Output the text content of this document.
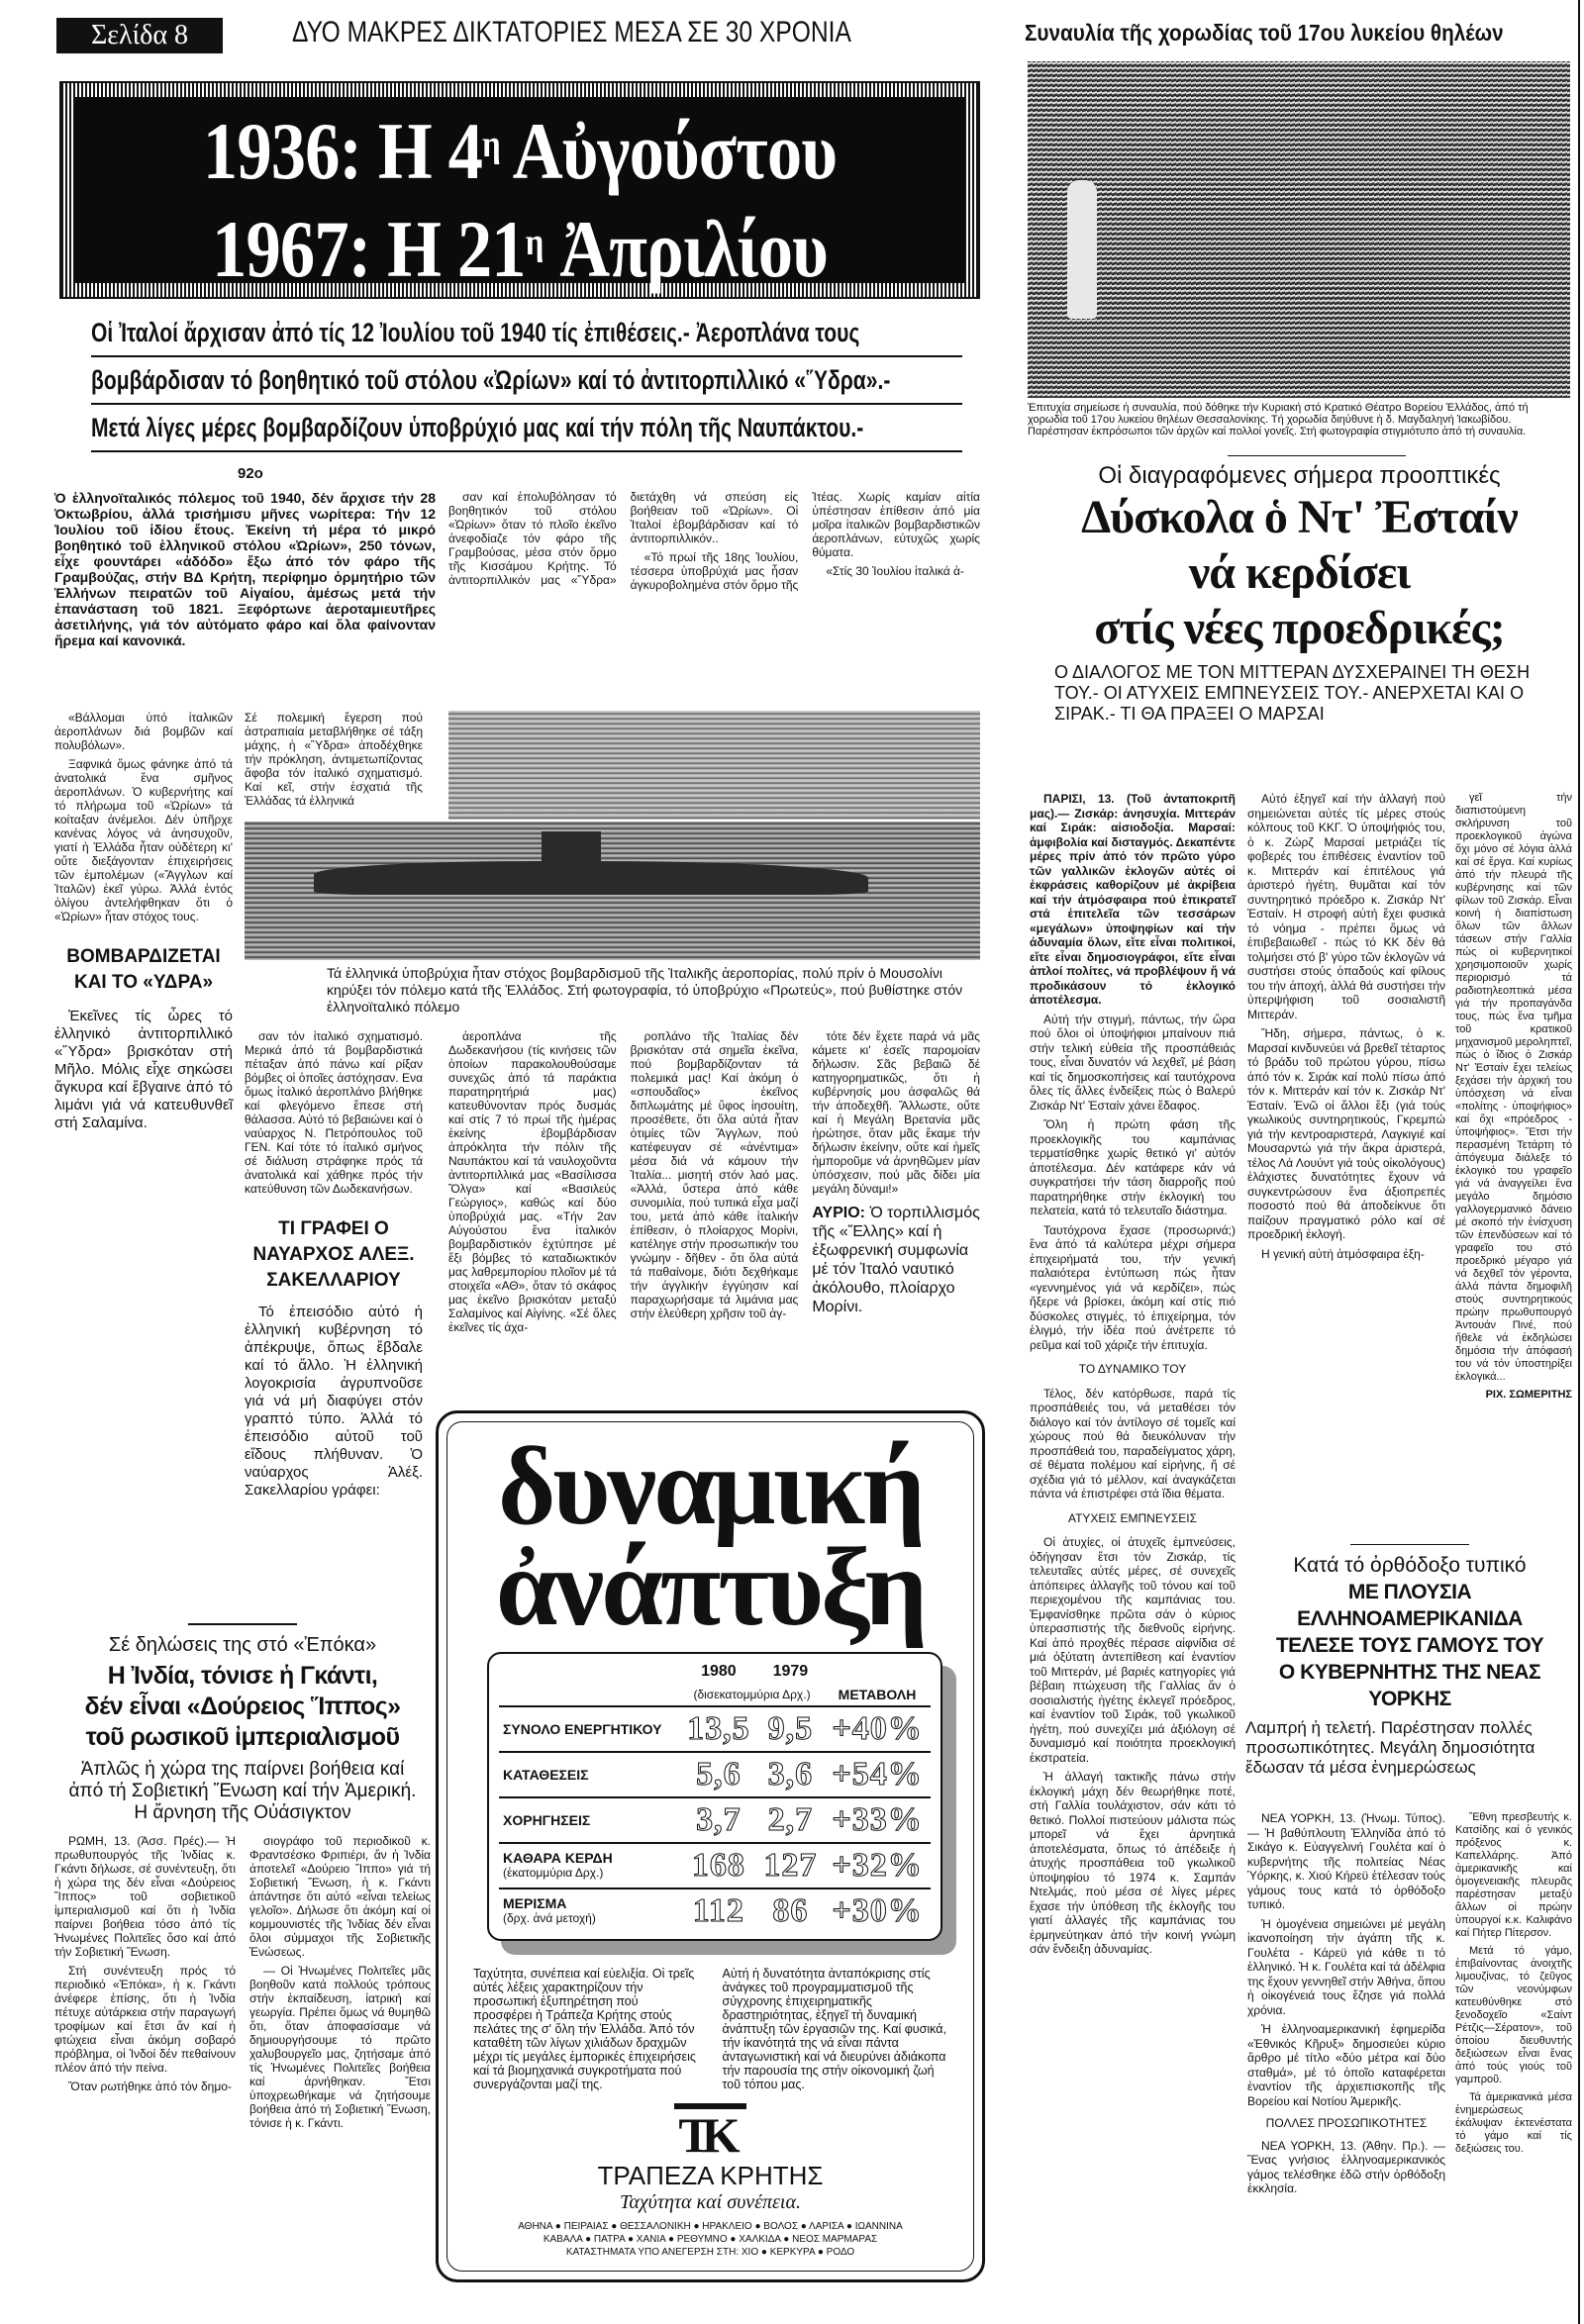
Σελίδα 8	ΔΥΟ ΜΑΚΡΕΣ ΔΙΚΤΑΤΟΡΙΕΣ ΜΕΣΑ ΣΕ 30 ΧΡΟΝΙΑ
1936: Η $4^\eta$ Αὐγούστου
1967: Η $21^\eta$ Ἀπριλίου
Οἱ Ἰταλοί ἄρχισαν ἀπό τίς 12 Ἰουλίου τοῦ 1940 τίς ἐπιθέσεις.- Ἀεροπλάνα τους
βομβάρδισαν τό βοηθητικό τοῦ στόλου «Ὠρίων» καί τό ἀντιτορπιλλικό «Ὕδρα».-
Μετά λίγες μέρες βομβαρδίζουν ὑποβρύχιό μας καί τήν πόλη τῆς Ναυπάκτου.-
92ο
Ὁ ἑλληνοϊταλικός πόλεμος τοῦ 1940, δέν ἄρχισε τήν 28 Ὀκτωβρίου, ἀλλά τρισήμισυ μῆνες νωρίτερα: Τήν 12 Ἰουλίου τοῦ ἰδίου ἔτους. Ἐκείνη τή μέρα τό μικρό βοηθητικό τοῦ ἑλληνικοῦ στόλου «Ὠρίων», 250 τόνων, εἶχε φουντάρει «ἀδόδο» ἔξω ἀπό τόν φάρο τῆς Γραμβούζας, στήν ΒΔ Κρήτη, περίφημο ὁρμητήριο τῶν Ἑλλήνων πειρατῶν τοῦ Αἰγαίου, ἀμέσως μετά τήν ἐπανάσταση τοῦ 1821. Ξεφόρτωνε ἀεροταμιευτῆρες ἀσετιλήνης, γιά τόν αὐτόματο φάρο καί ὅλα φαίνονταν ἤρεμα καί κανονικά.

«Βάλλομαι ὑπό ἰταλικῶν ἀεροπλάνων διά βομβῶν καί πολυβόλων».

Ξαφνικά ὅμως φάνηκε ἀπό τά ἀνατολικά ἕνα σμῆνος ἀεροπλάνων. Ὁ κυβερνήτης καί τό πλήρωμα τοῦ «Ὠρίων» τά κοίταξαν ἀνέμελοι. Δέν ὑπῆρχε κανένας λόγος νά ἀνησυχοῦν, γιατί ἡ Ἑλλάδα ἦταν οὐδέτερη κι' οὔτε διεξάγονταν ἐπιχειρήσεις τῶν ἐμπολέμων («Ἄγγλων καί Ἰταλῶν) ἐκεῖ γύρω. Ἀλλά ἐντός ὀλίγου ἀντελήφθηκαν ὅτι ὁ «Ὠρίων» ἦταν στόχος τους.

ΒΟΜΒΑΡΔΙΖΕΤΑΙ ΚΑΙ ΤΟ «ΥΔΡΑ»

Ἐκεῖνες τίς ὧρες τό ἑλληνικό ἀντιτορπιλλικό «Ὕδρα» βρισκόταν στή Μῆλο. Μόλις εἶχε σηκώσει ἄγκυρα καί ἔβγαινε ἀπό τό λιμάνι γιά νά κατευθυνθεῖ στή Σαλαμίνα.

Σέ πολεμική ἔγερση πού ἀστραπιαία μεταβλήθηκε σέ τάξη μάχης, ἡ «Ὕδρα» ἀποδέχθηκε τήν πρόκληση, ἀντιμετωπίζοντας ἄφοβα τόν ἰταλικό σχηματισμό. Καί κεῖ, στήν ἐσχατιά τῆς Ἑλλάδας τά ἑλληνικά

σαν καί ἐπολυβόλησαν τό βοηθητικόν τοῦ στόλου «Ὠρίων» ὅταν τό πλοῖο ἐκεῖνο ἀνεφοδίαζε τόν φάρο τῆς Γραμβούσας, μέσα στόν ὅρμο τῆς Κισσάμου Κρήτης. Τό ἀντιτορπιλλικόν μας «Ὕδρα» διετάχθη νά σπεύση εἰς βοήθειαν τοῦ «Ὠρίων». Οἱ Ἰταλοί ἐβομβάρδισαν καί τό ἀντιτορπιλλικόν..

«Τό πρωί τῆς 18ης Ἰουλίου, τέσσερα ὑποβρύχιά μας ἦσαν ἀγκυροβολημένα στόν ὅρμο τῆς Ἰτέας. Χωρίς καμίαν αἰτία ὑπέστησαν ἐπίθεσιν ἀπό μία μοῖρα ἰταλικῶν βομβαρδιστικῶν ἀεροπλάνων, εὐτυχῶς χωρίς θύματα.

«Στίς 30 Ἰουλίου ἰταλικά ἀ-

Τά ἑλληνικά ὑποβρύχια ἦταν στόχος βομβαρδισμοῦ τῆς Ἰταλικῆς ἀεροπορίας, πολύ πρίν ὁ Μουσολίνι κηρύξει τόν πόλεμο κατά τῆς Ἑλλάδος. Στή φωτογραφία, τό ὑποβρύχιο «Πρωτεύς», πού βυθίστηκε στόν ἑλληνοϊταλικό πόλεμο

σαν τόν ἰταλικό σχηματισμό. Μερικά ἀπό τά βομβαρδιστικά πέταξαν ἀπό πάνω καί ρίξαν βόμβες οἱ ὁποῖες ἀστόχησαν. Ενα ὅμως ἰταλικό ἀεροπλάνο βλήθηκε καί φλεγόμενο ἔπεσε στή θάλασσα. Αὐτό τό βεβαιώνει καί ὁ ναύαρχος Ν. Πετρόπουλος τοῦ ΓΕΝ. Καί τότε τό ἰταλικό σμήνος σέ διάλυση στράφηκε πρός τά ἀνατολικά καί χάθηκε πρός τήν κατεύθυνση τῶν Δωδεκανήσων.

ΤΙ ΓΡΑΦΕΙ Ο ΝΑΥΑΡΧΟΣ ΑΛΕΞ. ΣΑΚΕΛΛΑΡΙΟΥ

Τό ἐπεισόδιο αὐτό ἡ ἑλληνική κυβέρνηση τό ἀπέκρυψε, ὅπως ἔβδαλε καί τό ἄλλο. Ἡ ἑλληνική λογοκρισία ἀγρυπνοῦσε γιά νά μή διαφύγει στόν γραπτό τύπο. Ἀλλά τό ἐπεισόδιο αὐτοῦ τοῦ εἴδους πλήθυναν. Ὁ ναύαρχος Ἀλέξ. Σακελλαρίου γράφει:

ἀεροπλάνα τῆς Δωδεκανήσου (τίς κινήσεις τῶν ὁποίων παρακολουθούσαμε συνεχῶς ἀπό τά παράκτια παρατηρητήριά μας) κατευθύνονταν πρός δυσμάς καί στίς 7 τό πρωί τῆς ἡμέρας ἐκείνης ἐβομβάρδισαν ἀπρόκλητα τήν πόλιν τῆς Ναυπάκτου καί τά ναυλοχοῦντα ἀντιτορπιλλικά μας «Βασίλισσα Ὄλγα» καί «Βασιλεύς Γεώργιος», καθώς καί δύο ὑποβρύχιά μας. «Τήν 2αν Αὐγούστου ἕνα ἰταλικόν βομβαρδιστικόν ἐχτύπησε μέ ἕξι βόμβες τό καταδιωκτικόν μας λαθρεμπορίου πλοῖον μέ τά στοιχεῖα «ΑΘ», ὅταν τό σκάφος μας ἐκεῖνο βρισκόταν μεταξύ Σαλαμίνος καί Αἰγίνης. «Σέ ὅλες ἐκεῖνες τίς ἀχα-

ροπλάνο τῆς Ἰταλίας δέν βρισκόταν στά σημεῖα ἐκεῖνα, πού βομβαρδίζονταν τά πολεμικά μας! Καί ἀκόμη ὁ «σπουδαῖος» ἐκεῖνος διπλωμάτης μέ ὕφος ἰησουίτη, προσέθετε, ὅτι ὅλα αὐτά ἦταν ὀτιμίες τῶν Ἄγγλων, πού κατέφευγαν σέ «ἀνέντιμα» μέσα διά νά κάμουν τήν Ἰταλία... μισητή στόν λαό μας. «Ἀλλά, ὕστερα ἀπό κάθε συνομιλία, πού τυπικά εἶχα μαζί του, μετά ἀπό κάθε ἰταλικήν ἐπίθεσιν, ὁ πλοίαρχος Μορίνι, κατέληγε στήν προσωπικήν του γνώμην - δῆθεν - ὅτι ὅλα αὐτά τά παθαίνομε, διότι δεχθήκαμε τήν ἀγγλικήν ἐγγύησιν καί παραχωρήσαμε τά λιμάνια μας στήν ἐλεύθερη χρῆσιν τοῦ ἀγ-

τότε δέν ἔχετε παρά νά μᾶς κάμετε κι' ἐσεῖς παρομοίαν δήλωσιν. Σᾶς βεβαιῶ δέ κατηγορηματικῶς, ὅτι ἡ κυβέρνησίς μου ἀσφαλῶς θά τήν ἀποδεχθῆ. Ἄλλωστε, οὔτε καί ἡ Μεγάλη Βρετανία μᾶς ἠρώτησε, ὅταν μᾶς ἔκαμε τήν δήλωσιν ἐκείνην, οὔτε καί ἡμεῖς ἠμποροῦμε νά ἀρνηθῶμεν μίαν ὑπόσχεσιν, πού μᾶς δίδει μία μεγάλη δύναμι!»

ΑΥΡΙΟ: Ὁ τορπιλλισμός τῆς «Ἔλλης» καί ἡ ἐξωφρενική συμφωνία μέ τόν Ἰταλό ναυτικό ἀκόλουθο, πλοίαρχο Μορίνι.
δυναμική
ἀνάπτυξη
	1980	1979	
	(δισεκατομμύρια Δρχ.)		ΜΕΤΑΒΟΛΗ
ΣΥΝΟΛΟ ΕΝΕΡΓΗΤΙΚΟΥ	13,5	9,5	+40%
ΚΑΤΑΘΕΣΕΙΣ	5,6	3,6	+54%
ΧΟΡΗΓΗΣΕΙΣ	3,7	2,7	+33%

ΚΑΘΑΡΑ ΚΕΡΔΗ
(ἑκατομμύρια Δρχ.)	168	127	+32%

ΜΕΡΙΣΜΑ
(δρχ. ἀνά μετοχή)	112	86	+30%
Ταχύτητα, συνέπεια καί εὐελιξία. Οἱ τρεῖς αὐτές λέξεις χαρακτηρίζουν τήν προσωπική ἐξυπηρέτηση πού προσφέρει ἡ Τράπεζα Κρήτης στούς πελάτες της σ' ὅλη τήν Ἑλλάδα. Ἀπό τόν καταθέτη τῶν λίγων χιλιάδων δραχμῶν μέχρι τίς μεγάλες ἐμπορικές ἐπιχειρήσεις καί τά βιομηχανικά συγκροτήματα πού συνεργάζονται μαζί της.
Αὐτή ἡ δυνατότητα ἀνταπόκρισης στίς ἀνάγκες τοῦ προγραμματισμοῦ τῆς σύγχρονης ἐπιχειρηματικῆς δραστηριότητας, ἐξηγεῖ τή δυναμική ἀνάπτυξη τῶν ἐργασιῶν της. Καί φυσικά, τήν ἱκανότητά της νά εἶναι πάντα ἀνταγωνιστική καί νά διευρύνει ἀδιάκοπα τήν παρουσία της στήν οἰκονομική ζωή τοῦ τόπου μας.
ΤΚ
ΤΡΑΠΕΖΑ ΚΡΗΤΗΣ
Ταχύτητα καί συνέπεια.
ΑΘΗΝΑ ● ΠΕΙΡΑΙΑΣ ● ΘΕΣΣΑΛΟΝΙΚΗ ● ΗΡΑΚΛΕΙΟ ● ΒΟΛΟΣ ● ΛΑΡΙΣΑ ● ΙΩΑΝΝΙΝΑ
ΚΑΒΑΛΑ ● ΠΑΤΡΑ ● ΧΑΝΙΑ ● ΡΕΘΥΜΝΟ ● ΧΑΛΚΙΔΑ ● ΝΕΟΣ ΜΑΡΜΑΡΑΣ
ΚΑΤΑΣΤΗΜΑΤΑ ΥΠΟ ΑΝΕΓΕΡΣΗ ΣΤΗ: ΧΙΟ ● ΚΕΡΚΥΡΑ ● ΡΟΔΟ
Σέ δηλώσεις της στό «Ἐπόκα»
Η Ἰνδία, τόνισε ἡ Γκάντι,
δέν εἶναι «Δούρειος Ἵππος»
τοῦ ρωσικοῦ ἰμπεριαλισμοῦ
Ἁπλῶς ἡ χώρα της παίρνει βοήθεια καί ἀπό τή Σοβιετική Ἕνωση καί τήν Ἀμερική. Η ἄρνηση τῆς Οὐάσιγκτον

ΡΩΜΗ, 13. (Ἀσσ. Πρές).— Ἡ πρωθυπουργός τῆς Ἰνδίας κ. Γκάντι δήλωσε, σέ συνέντευξη, ὅτι ἡ χώρα της δέν εἶναι «Δούρειος Ἵππος» τοῦ σοβιετικοῦ ἰμπεριαλισμοῦ καί ὅτι ἡ Ἰνδία παίρνει βοήθεια τόσο ἀπό τίς Ἡνωμένες Πολιτεῖες ὅσο καί ἀπό τήν Σοβιετική Ἕνωση.

Στή συνέντευξη πρός τό περιοδικό «Ἐπόκα», ἡ κ. Γκάντι ἀνέφερε ἐπίσης, ὅτι ἡ Ἰνδία πέτυχε αὐτάρκεια στήν παραγωγή τροφίμων καί ἔτσι ἄν καί ἡ φτώχεια εἶναι ἀκόμη σοβαρό πρόβλημα, οἱ Ἰνδοί δέν πεθαίνουν πλέον ἀπό τήν πείνα.

Ὅταν ρωτήθηκε ἀπό τόν δημο-

σιογράφο τοῦ περιοδικοῦ κ. Φραντσέσκο Φριπιέρι, ἄν ἡ Ἰνδία ἀποτελεῖ «Δούρειο Ἵππο» γιά τή Σοβιετική Ἕνωση, ἡ κ. Γκάντι ἀπάντησε ὅτι αὐτό «εἶναι τελείως γελοῖο». Δήλωσε ὅτι ἀκόμη καί οἱ κομμουνιστές τῆς Ἰνδίας δέν εἶναι ὅλοι σύμμαχοι τῆς Σοβιετικῆς Ἑνώσεως.

— Οἱ Ἡνωμένες Πολιτεῖες μᾶς βοηθοῦν κατά πολλούς τρόπους στήν ἐκπαίδευση, ἰατρική καί γεωργία. Πρέπει ὅμως νά θυμηθῶ ὅτι, ὅταν ἀποφασίσαμε νά δημιουργήσουμε τό πρῶτο χαλυβουργεῖο μας, ζητήσαμε ἀπό τίς Ἡνωμένες Πολιτεῖες βοήθεια καί ἀρνήθηκαν. Ἔτσι ὑποχρεωθήκαμε νά ζητήσουμε βοήθεια ἀπό τή Σοβιετική Ἕνωση, τόνισε ἡ κ. Γκάντι.

Συναυλία τῆς χορωδίας τοῦ 17ου λυκείου θηλέων
Ἐπιτυχία σημείωσε ἡ συναυλία, πού δόθηκε τήν Κυριακή στό Κρατικό Θέατρο Βορείου Ἑλλάδος, ἀπό τή χορωδία τοῦ 17ου λυκείου θηλέων Θεσσαλονίκης. Τή χορωδία διηύθυνε ἡ δ. Μαγδαληνή Ἰακωβίδου. Παρέστησαν ἐκπρόσωποι τῶν ἀρχῶν καί πολλοί γονεῖς. Στή φωτογραφία στιγμιότυπο ἀπό τή συναυλία.
Οἱ διαγραφόμενες σήμερα προοπτικές
Δύσκολα ὁ Ντ' Ἐσταίν
νά κερδίσει
στίς νέες προεδρικές;
Ο ΔΙΑΛΟΓΟΣ ΜΕ ΤΟΝ ΜΙΤΤΕΡΑΝ ΔΥΣΧΕΡΑΙΝΕΙ ΤΗ ΘΕΣΗ ΤΟΥ.- ΟΙ ΑΤΥΧΕΙΣ ΕΜΠΝΕΥΣΕΙΣ ΤΟΥ.- ΑΝΕΡΧΕΤΑΙ ΚΑΙ Ο ΣΙΡΑΚ.- ΤΙ ΘΑ ΠΡΑΞΕΙ Ο ΜΑΡΣΑΙ

ΠΑΡΙΣΙ, 13. (Τοῦ ἀνταποκριτῆ μας).— Ζισκάρ: ἀνησυχία. Μιττεράν καί Σιράκ: αἰσιοδοξία. Μαρσαί: ἀμφιβολία καί δισταγμός. Δεκαπέντε μέρες πρίν ἀπό τόν πρῶτο γύρο τῶν γαλλικῶν ἐκλογῶν αὐτές οἱ ἐκφράσεις καθορίζουν μέ ἀκρίβεια καί τήν ἀτμόσφαιρα πού ἐπικρατεῖ στά ἐπιτελεῖα τῶν τεσσάρων «μεγάλων» ὑποψηφίων καί τήν ἀδυναμία ὅλων, εἴτε εἶναι πολιτικοί, εἴτε εἶναι δημοσιογράφοι, εἴτε εἶναι ἁπλοί πολίτες, νά προβλέψουν ἤ νά προδικάσουν τό ἐκλογικό ἀποτέλεσμα.

Αὐτή τήν στιγμή, πάντως, τήν ὥρα πού ὅλοι οἱ ὑποψήφιοι μπαίνουν πιά στήν τελική εὐθεία τῆς προσπάθειάς τους, εἶναι δυνατόν νά λεχθεῖ, μέ βάση καί τίς δημοσκοπήσεις καί ταυτόχρονα ὅλες τίς ἄλλες ἐνδείξεις πώς ὁ Βαλερύ Ζισκάρ Ντ' Ἐσταίν χάνει ἔδαφος.

Ὅλη ἡ πρώτη φάση τῆς προεκλογικῆς του καμπάνιας τερματίσθηκε χωρίς θετικό γι' αὐτόν ἀποτέλεσμα. Δέν κατάφερε κάν νά συγκρατήσει τήν τάση διαρροῆς πού παρατηρήθηκε στήν ἐκλογική του πελατεία, κατά τό τελευταῖο διάστημα.

Ταυτόχρονα ἔχασε (προσωρινά;) ἕνα ἀπό τά καλύτερα μέχρι σήμερα ἐπιχειρήματά του, τήν γενική παλαιότερα ἐντύπωση πώς ἦταν «γεννημένος γιά νά κερδίζει», πώς ἤξερε νά βρίσκει, ἀκόμη καί στίς πιό δύσκολες στιγμές, τό ἐπιχείρημα, τόν ἑλιγμό, τήν ἰδέα πού ἀνέτρεπε τό ρεῦμα καί τοῦ χάριζε τήν ἐπιτυχία.

ΤΟ ΔΥΝΑΜΙΚΟ ΤΟΥ

Τέλος, δέν κατόρθωσε, παρά τίς προσπάθειές του, νά μεταθέσει τόν διάλογο καί τόν ἀντίλογο σέ τομεῖς καί χώρους πού θά διευκόλυναν τήν προσπάθειά του, παραδείγματος χάρη, σέ θέματα πολέμου καί εἰρήνης, ἤ σέ σχέδια γιά τό μέλλον, καί ἀναγκάζεται πάντα νά ἐπιστρέφει στά ἴδια θέματα.

ΑΤΥΧΕΙΣ ΕΜΠΝΕΥΣΕΙΣ

Οἱ ἀτυχίες, οἱ ἀτυχεῖς ἐμπνεύσεις, ὁδήγησαν ἔτσι τόν Ζισκάρ, τίς τελευταῖες αὐτές μέρες, σέ συνεχεῖς ἀπόπειρες ἀλλαγῆς τοῦ τόνου καί τοῦ περιεχομένου τῆς καμπάνιας του. Ἐμφανίσθηκε πρῶτα σάν ὁ κύριος ὑπερασπιστής τῆς διεθνοῦς εἰρήνης. Καί ἀπό προχθές πέρασε αἰφνίδια σέ μιά ὀξύτατη ἀντεπίθεση καί ἐναντίον τοῦ Μιττεράν, μέ βαριές κατηγορίες γιά βέβαιη πτώχευση τῆς Γαλλίας ἄν ὁ σοσιαλιστής ἡγέτης ἐκλεγεῖ πρόεδρος, καί ἐναντίον τοῦ Σιράκ, τοῦ γκωλικοῦ ἡγέτη, πού συνεχίζει μιά ἀξιόλογη σέ δυναμισμό καί ποιότητα προεκλογική ἐκστρατεία.

Ἡ ἀλλαγή τακτικῆς πάνω στήν ἐκλογική μάχη δέν θεωρήθηκε ποτέ, στή Γαλλία τουλάχιστον, σάν κάτι τό θετικό. Πολλοί πιστεύουν μάλιστα πώς μπορεῖ νά ἔχει ἀρνητικά ἀποτελέσματα, ὅπως τό ἀπέδειξε ἡ ἀτυχής προσπάθεια τοῦ γκωλικοῦ ὑποψηφίου τό 1974 κ. Σαμπάν Ντελμάς, πού μέσα σέ λίγες μέρες ἔχασε τήν ὑπόθεση τῆς ἐκλογῆς του γιατί ἀλλαγές τῆς καμπάνιας του ἑρμηνεύτηκαν ἀπό τήν κοινή γνώμη σάν ἔνδειξη ἀδυναμίας.

Αὐτό ἐξηγεῖ καί τήν ἀλλαγή πού σημειώνεται αὐτές τίς μέρες στούς κόλπους τοῦ ΚΚΓ. Ὁ ὑποψήφιός του, ὁ κ. Ζώρζ Μαρσαί μετριάζει τίς φοβερές του ἐπιθέσεις ἐναντίον τοῦ κ. Μιττεράν καί ἐπιτέλους γιά ἀριστερό ἡγέτη, θυμᾶται καί τόν συντηρητικό πρόεδρο κ. Ζισκάρ Ντ' Ἐσταίν. Η στροφή αὐτή ἔχει φυσικά τό νόημα - πρέπει ὅμως νά ἐπιβεβαιωθεῖ - πώς τό ΚΚ δέν θά τολμήσει στό β' γύρο τῶν ἐκλογῶν νά συστήσει στούς ὀπαδούς καί φίλους του τήν ἀποχή, ἀλλά θά συστήσει τήν ὑπερψήφιση τοῦ σοσιαλιστῆ Μιττεράν.

Ἤδη, σήμερα, πάντως, ὁ κ. Μαρσαί κινδυνεύει νά βρεθεῖ τέταρτος τό βράδυ τοῦ πρώτου γύρου, πίσω ἀπό τόν κ. Σιράκ καί πολύ πίσω ἀπό τόν κ. Μιττεράν καί τόν κ. Ζισκάρ Ντ' Ἐσταίν. Ἐνῶ οἱ ἄλλοι ἕξι (γιά τούς γκωλικούς συντηρητικούς, Γκρεμπώ γιά τήν κεντροαριστερά, Λαγκιγιέ καί Μουσαρντώ γιά τήν ἄκρα ἀριστερά, τέλος Λά Λουύντ γιά τούς οἰκολόγους) ἐλάχιστες δυνατότητες ἔχουν νά συγκεντρώσουν ἕνα ἀξιοπρεπές ποσοστό πού θά ἀποδείκνυε ὅτι παίζουν πραγματικό ρόλο καί σέ προεδρική ἐκλογή.

Η γενική αὐτή ἀτμόσφαιρα ἐξη-

γεῖ τήν διαπιστούμενη σκλήρυνση τοῦ προεκλογικοῦ ἀγώνα ὄχι μόνο σέ λόγια ἀλλά καί σέ ἔργα. Καί κυρίως ἀπό τήν πλευρά τῆς κυβέρνησης καί τῶν φίλων τοῦ Ζισκάρ. Εἶναι κοινή ἡ διαπίστωση ὅλων τῶν ἄλλων τάσεων στήν Γαλλία πώς οἱ κυβερνητικοί χρησιμοποιοῦν χωρίς περιορισμό τά ραδιοτηλεοπτικά μέσα γιά τήν προπαγάνδα τους, πώς ἕνα τμῆμα τοῦ κρατικοῦ μηχανισμοῦ μεροληπτεῖ, πώς ὁ ἴδιος ὁ Ζισκάρ Ντ' Ἐσταίν ἔχει τελείως ξεχάσει τήν ἀρχική του ὑπόσχεση νά εἶναι «πολίτης - ὑποψήφιος» καί ὄχι «πρόεδρος - ὑποψήφιος». Ἔτσι τήν περασμένη Τετάρτη τό ἀπόγευμα διάλεξε τό ἐκλογικό του γραφεῖο γιά νά ἀναγγείλει ἕνα μεγάλο δημόσιο γαλλογερμανικό δάνειο μέ σκοπό τήν ἐνίσχυση τῶν ἐπενδύσεων καί τό γραφεῖο του στό προεδρικό μέγαρο γιά νά δεχθεῖ τόν γέροντα, ἀλλά πάντα δημοφιλῆ στούς συντηρητικούς πρώην πρωθυπουργό Ἀντουάν Πινέ, πού ἤθελε νά ἐκδηλώσει δημόσια τήν ἀπόφασή του νά τόν ὑποστηρίξει ἐκλογικά...

ΡΙΧ. ΣΩΜΕΡΙΤΗΣ
Κατά τό ὀρθόδοξο τυπικό
ΜΕ ΠΛΟΥΣΙΑ ΕΛΛΗΝΟΑΜΕΡΙΚΑΝΙΔΑ
ΤΕΛΕΣΕ ΤΟΥΣ ΓΑΜΟΥΣ ΤΟΥ
Ο ΚΥΒΕΡΝΗΤΗΣ ΤΗΣ ΝΕΑΣ ΥΟΡΚΗΣ
Λαμπρή ἡ τελετή. Παρέστησαν πολλές προσωπικότητες. Μεγάλη δημοσιότητα ἔδωσαν τά μέσα ἐνημερώσεως

ΝΕΑ ΥΟΡΚΗ, 13. (Ἡνωμ. Τύπος). — Ἡ βαθύπλουτη Ἑλληνίδα ἀπό τό Σικάγο κ. Εὐαγγελινή Γουλέτα καί ὁ κυβερνήτης τῆς πολιτείας Νέας Ὑόρκης, κ. Χιού Κήρεϋ ἐτέλεσαν τούς γάμους τους κατά τό ὀρθόδοξο τυπικό.

Ἡ ὁμογένεια σημειώνει μέ μεγάλη ἱκανοποίηση τήν ἀγάπη τῆς κ. Γουλέτα - Κάρεϋ γιά κάθε τι τό ἑλληνικό. Ἡ κ. Γουλέτα καί τά ἀδέλφια της ἔχουν γεννηθεῖ στήν Ἀθήνα, ὅπου ἡ οἰκογένειά τους ἔζησε γιά πολλά χρόνια.

Ἡ ἑλληνοαμερικανική ἐφημερίδα «Ἐθνικός Κῆρυξ» δημοσιεύει κύριο ἄρθρο μέ τίτλο «δύο μέτρα καί δύο σταθμά», μέ τό ὁποῖο καταφέρεται ἐναντίον τῆς ἀρχιεπισκοπῆς τῆς Βορείου καί Νοτίου Ἀμερικῆς.

ΠΟΛΛΕΣ ΠΡΟΣΩΠΙΚΟΤΗΤΕΣ

ΝΕΑ ΥΟΡΚΗ, 13. (Ἀθην. Πρ.). — Ἕνας γνήσιος ἑλληνοαμερικανικός γάμος τελέσθηκε ἐδῶ στήν ὀρθόδοξη ἐκκλησία.

Ἔθνη πρεσβευτής κ. Κατσίδης καί ὁ γενικός πρόξενος κ. Καπελλάρης. Ἀπό ἀμερικανικῆς καί ὁμογενειακῆς πλευρᾶς παρέστησαν μεταξύ ἄλλων οἱ πρώην ὑπουργοί κ.κ. Καλιφάνο καί Πήτερ Πίτερσον.

Μετά τό γάμο, ἐπιβαίνοντας ἀνοιχτῆς λιμουζίνας, τό ζεῦγος τῶν νεονύμφων κατευθύνθηκε στό ξενοδοχεῖο «Σαίντ Ρέτζις—Σέρατον», τοῦ ὁποίου διευθυντής δεξιώσεων εἶναι ἕνας ἀπό τούς γιούς τοῦ γαμπροῦ.

Τά ἀμερικανικά μέσα ἐνημερώσεως ἐκάλυψαν ἐκτενέστατα τό γάμο καί τίς δεξιώσεις του.
